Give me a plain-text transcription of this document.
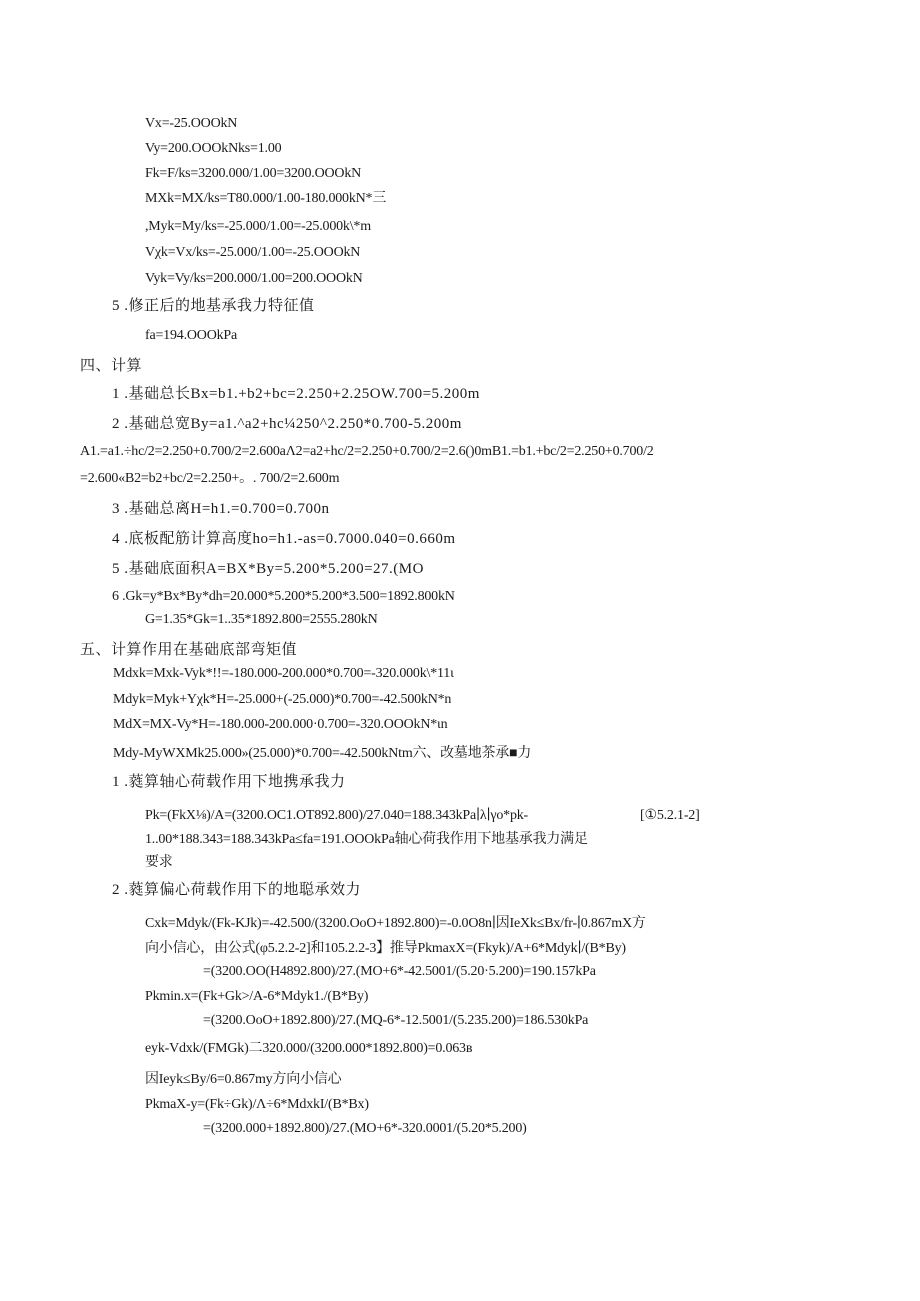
Vx=-25.OOOkN
Vy=200.OOOkNks=1.00
Fk=F/ks=3200.000/1.00=3200.OOOkN
MXk=MX/ks=T80.000/1.00-180.000kN*三
,Myk=My/ks=-25.000/1.00=-25.000k\*m
Vχk=Vx/ks=-25.000/1.00=-25.OOOkN
Vyk=Vy/ks=200.000/1.00=200.OOOkN
5 .修正后的地基承我力特征值
fa=194.OOOkPa
四、计算
1 .基础总长Bx=b1.+b2+bc=2.250+2.25OW.700=5.200m
2 .基础总宽By=a1.^a2+hc¼250^2.250*0.700-5.200m
A1.=a1.÷hc/2=2.250+0.700/2=2.600aΛ2=a2+hc/2=2.250+0.700/2=2.6()0mB1.=b1.+bc/2=2.250+0.700/2
=2.600«B2=b2+bc/2=2.250+。. 700/2=2.600m
3 .基础总离H=h1.=0.700=0.700n
4 .底板配筋计算高度ho=h1.-as=0.7000.040=0.660m
5 .基础底面积A=BX*By=5.200*5.200=27.(MO
6 .Gk=y*Bx*By*dh=20.000*5.200*5.200*3.500=1892.800kN
G=1.35*Gk=1..35*1892.800=2555.280kN
五、计算作用在基础底部弯矩值
Mdxk=Mxk-Vyk*!!=-180.000-200.000*0.700=-320.000k\*11ι
Mdyk=Myk+Yχk*H=-25.000+(-25.000)*0.700=-42.500kN*n
MdX=MX-Vy*H=-180.000-200.000·0.700=-320.OOOkN*ιn
Mdy-MyWXMk25.000»(25.000)*0.700=-42.500kNtm六、改墓地茶承■力
1 .蕤算轴心荷载作用下地携承我力
Pk=(FkX⅛)/A=(3200.OC1.OT892.800)/27.040=188.343kPa∣λ∣γo*pk-	[①5.2.1-2]
1..00*188.343=188.343kPa≤fa=191.OOOkPa轴心荷我作用下地基承我力满足
要求
2 .蕤算偏心荷载作用下的地聪承效力
Cxk=Mdyk/(Fk-KJk)=-42.500/(3200.OoO+1892.800)=-0.0O8n∣因IeXk≤Bx/fr-∣0.867mX方
向小信心，由公式(φ5.2.2-2]和105.2.2-3】推导PkmaxX=(Fkyk)/A+6*Mdyk∣/(B*By)
=(3200.OO(H4892.800)/27.(MO+6*-42.5001/(5.20·5.200)=190.157kPa
Pkmin.x=(Fk+Gk>/A-6*Mdyk1./(B*By)
=(3200.OoO+1892.800)/27.(MQ-6*-12.5001/(5.235.200)=186.530kPa
eyk-Vdxk/(FMGk)二320.000/(3200.000*1892.800)=0.063в
因Ieyk≤By/6=0.867my方向小信心
PkmaX-y=(Fk÷Gk)/Λ÷6*MdxkI/(B*Bx)
=(3200.000+1892.800)/27.(MO+6*-320.0001/(5.20*5.200)
